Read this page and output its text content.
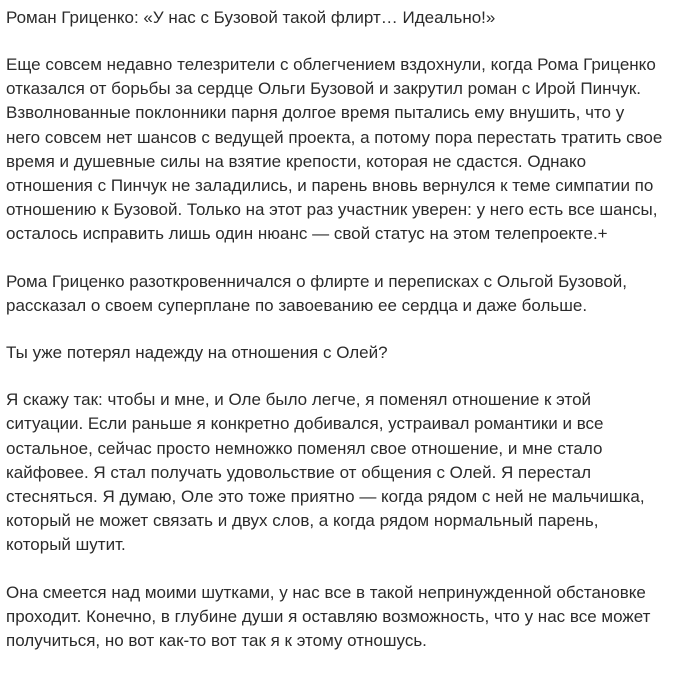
Роман Гриценко: «У нас с Бузовой такой флирт… Идеально!»
Еще совсем недавно телезрители с облегчением вздохнули, когда Рома Гриценко
отказался от борьбы за сердце Ольги Бузовой и закрутил роман с Ирой Пинчук.
Взволнованные поклонники парня долгое время пытались ему внушить, что у
него совсем нет шансов с ведущей проекта, а потому пора перестать тратить свое
время и душевные силы на взятие крепости, которая не сдастся. Однако
отношения с Пинчук не заладились, и парень вновь вернулся к теме симпатии по
отношению к Бузовой. Только на этот раз участник уверен: у него есть все шансы,
осталось исправить лишь один нюанс — свой статус на этом телепроекте.+
Рома Гриценко разоткровенничался о флирте и переписках с Ольгой Бузовой,
рассказал о своем суперплане по завоеванию ее сердца и даже больше.
Ты уже потерял надежду на отношения с Олей?
Я скажу так: чтобы и мне, и Оле было легче, я поменял отношение к этой
ситуации. Если раньше я конкретно добивался, устраивал романтики и все
остальное, сейчас просто немножко поменял свое отношение, и мне стало
кайфовее. Я стал получать удовольствие от общения с Олей. Я перестал
стесняться. Я думаю, Оле это тоже приятно — когда рядом с ней не мальчишка,
который не может связать и двух слов, а когда рядом нормальный парень,
который шутит.
Она смеется над моими шутками, у нас все в такой непринужденной обстановке
проходит. Конечно, в глубине души я оставляю возможность, что у нас все может
получиться, но вот как-то вот так я к этому отношусь.
